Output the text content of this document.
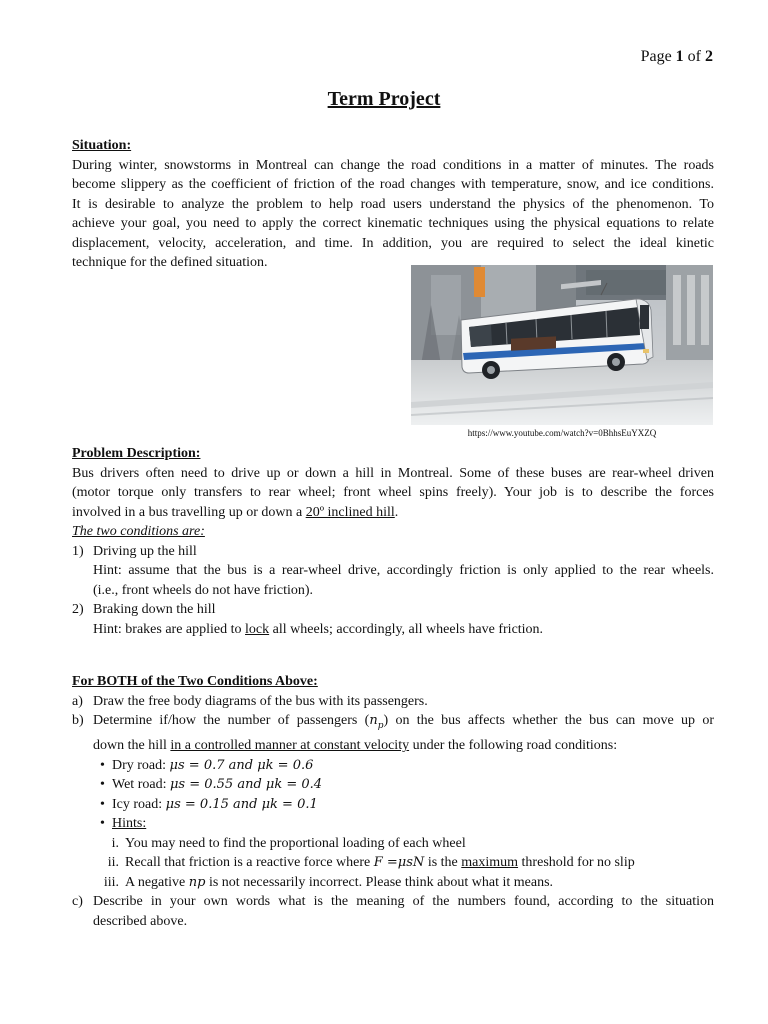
Page 1 of 2
Term Project
Situation:
During winter, snowstorms in Montreal can change the road conditions in a matter of minutes. The roads
become slippery as the coefficient of friction of the road changes with temperature, snow, and ice conditions.
It is desirable to analyze the problem to help road users understand the physics of the phenomenon. To
achieve your goal, you need to apply the correct kinematic techniques using the physical equations to relate
displacement, velocity, acceleration, and time. In addition, you are required to select the ideal kinetic
technique for the defined situation.
https://www.youtube.com/watch?v=0BhhsEuYXZQ
Problem Description:
Bus drivers often need to drive up or down a hill in Montreal. Some of these buses are rear-wheel driven
(motor torque only transfers to rear wheel; front wheel spins freely). Your job is to describe the forces
involved in a bus travelling up or down a 20º inclined hill.
The two conditions are:
1) Driving up the hill
Hint: assume that the bus is a rear-wheel drive, accordingly friction is only applied to the rear wheels.
(i.e., front wheels do not have friction).
2) Braking down the hill
Hint: brakes are applied to lock all wheels; accordingly, all wheels have friction.
For BOTH of the Two Conditions Above:
a) Draw the free body diagrams of the bus with its passengers.
b) Determine if/how the number of passengers $(n_p)$ on the bus affects whether the bus can move up or
down the hill in a controlled manner at constant velocity under the following road conditions:
• Dry road: μs = 0.7 and μk = 0.6
• Wet road: μs = 0.55 and μk = 0.4
• Icy road: μs = 0.15 and μk = 0.1
• Hints:
i. You may need to find the proportional loading of each wheel
ii. Recall that friction is a reactive force where F =μsN is the maximum threshold for no slip
iii. A negative np is not necessarily incorrect. Please think about what it means.
c) Describe in your own words what is the meaning of the numbers found, according to the situation
described above.
